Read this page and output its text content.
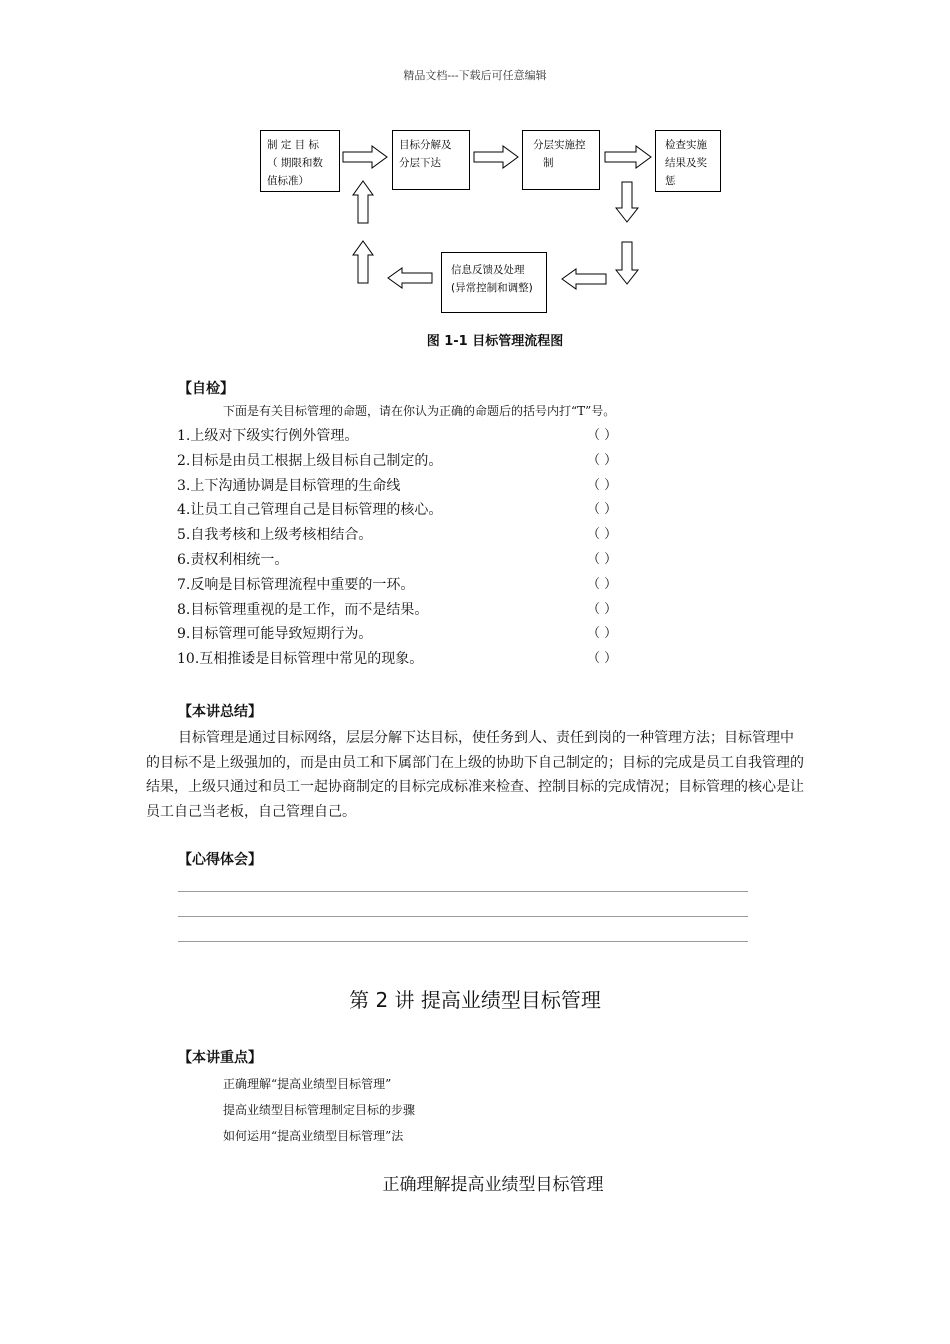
精品文档---下载后可任意编辑
制 定 目 标
（ 期限和数
值标准）
目标分解及
分层下达
分层实施控
制
检查实施
结果及奖
惩
信息反馈及处理
(异常控制和调整)
图 1-1 目标管理流程图
【自检】
下面是有关目标管理的命题，请在你认为正确的命题后的括号内打“T”号。
1.上级对下级实行例外管理。	（ ）
2.目标是由员工根据上级目标自己制定的。	（ ）
3.上下沟通协调是目标管理的生命线	（ ）
4.让员工自己管理自己是目标管理的核心。	（ ）
5.自我考核和上级考核相结合。	（ ）
6.责权利相统一。	（ ）
7.反响是目标管理流程中重要的一环。	（ ）
8.目标管理重视的是工作，而不是结果。	（ ）
9.目标管理可能导致短期行为。	（ ）
10.互相推诿是目标管理中常见的现象。	（ ）
【本讲总结】
目标管理是通过目标网络，层层分解下达目标，使任务到人、责任到岗的一种管理方法；目标管理中的目标不是上级强加的，而是由员工和下属部门在上级的协助下自己制定的；目标的完成是员工自我管理的结果，上级只通过和员工一起协商制定的目标完成标准来检查、控制目标的完成情况；目标管理的核心是让员工自己当老板，自己管理自己。
【心得体会】
第 2 讲 提高业绩型目标管理
【本讲重点】
正确理解“提高业绩型目标管理”
提高业绩型目标管理制定目标的步骤
如何运用“提高业绩型目标管理”法
正确理解提高业绩型目标管理
